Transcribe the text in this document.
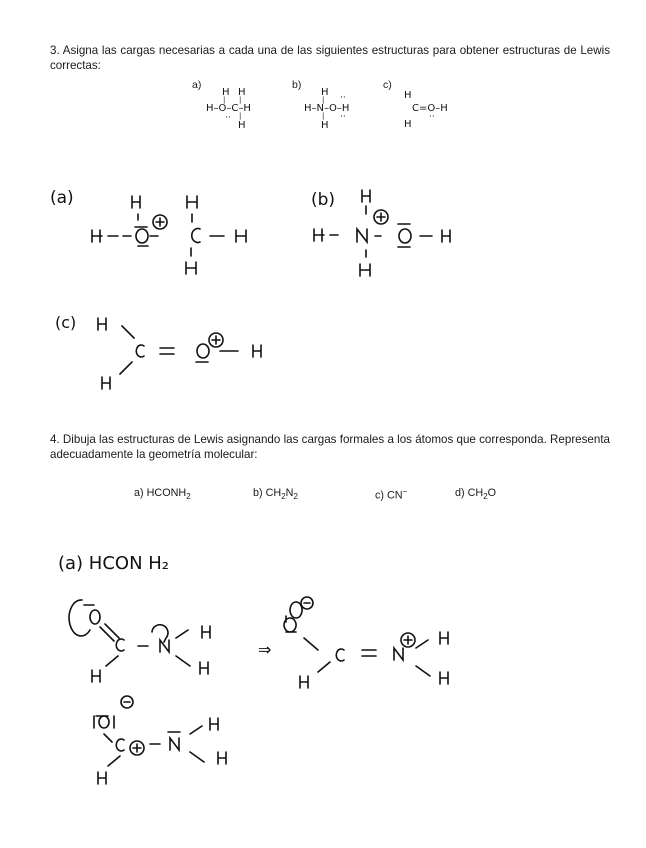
3. Asigna las cargas necesarias a cada una de las siguientes estructuras para obtener estructuras de Lewis correctas:
a)	b)	c)
4. Dibuja las estructuras de Lewis asignando las cargas formales a los átomos que corresponda. Representa adecuadamente la geometría molecular:
a) $HCONH_2$	b) $CH_2N_2$	c) CN−	d) $CH_2O$
(a)	(b)
(c)
(a) HCON H₂
⇒
H H
| |
H–O–C–H
·· |
H
H
| ··
H–N–O–H
··
|
H
H
C=O–H
··
H
